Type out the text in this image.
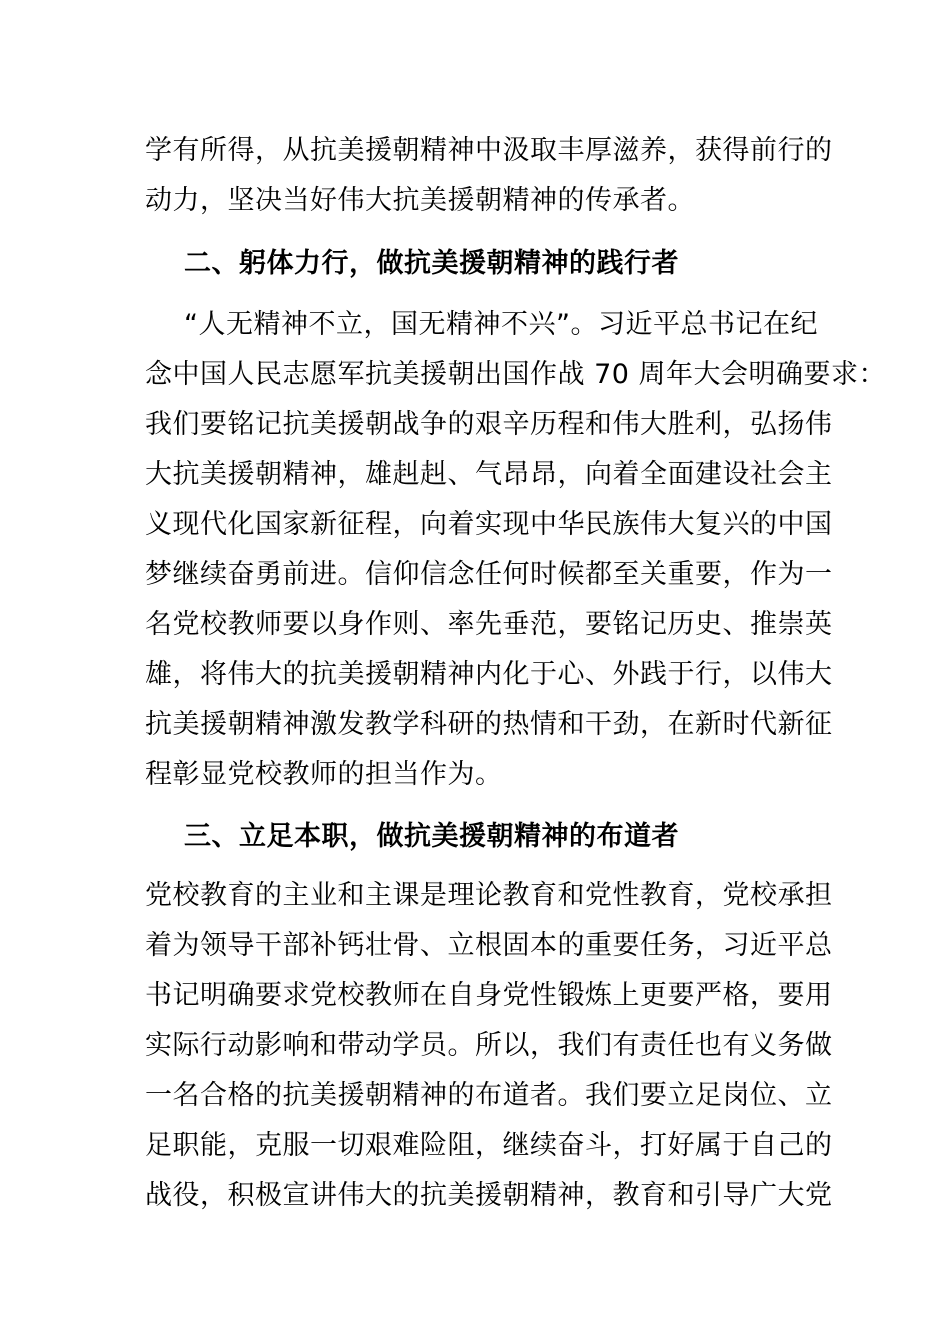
学有所得，从抗美援朝精神中汲取丰厚滋养，获得前行的
动力，坚决当好伟大抗美援朝精神的传承者。
二、躬体力行，做抗美援朝精神的践行者
“人无精神不立，国无精神不兴”。习近平总书记在纪
念中国人民志愿军抗美援朝出国作战 70 周年大会明确要求：
我们要铭记抗美援朝战争的艰辛历程和伟大胜利，弘扬伟
大抗美援朝精神，雄赳赳、气昂昂，向着全面建设社会主
义现代化国家新征程，向着实现中华民族伟大复兴的中国
梦继续奋勇前进。信仰信念任何时候都至关重要，作为一
名党校教师要以身作则、率先垂范，要铭记历史、推崇英
雄，将伟大的抗美援朝精神内化于心、外践于行，以伟大
抗美援朝精神激发教学科研的热情和干劲，在新时代新征
程彰显党校教师的担当作为。
三、立足本职，做抗美援朝精神的布道者
党校教育的主业和主课是理论教育和党性教育，党校承担
着为领导干部补钙壮骨、立根固本的重要任务，习近平总
书记明确要求党校教师在自身党性锻炼上更要严格，要用
实际行动影响和带动学员。所以，我们有责任也有义务做
一名合格的抗美援朝精神的布道者。我们要立足岗位、立
足职能，克服一切艰难险阻，继续奋斗，打好属于自己的
战役，积极宣讲伟大的抗美援朝精神，教育和引导广大党
